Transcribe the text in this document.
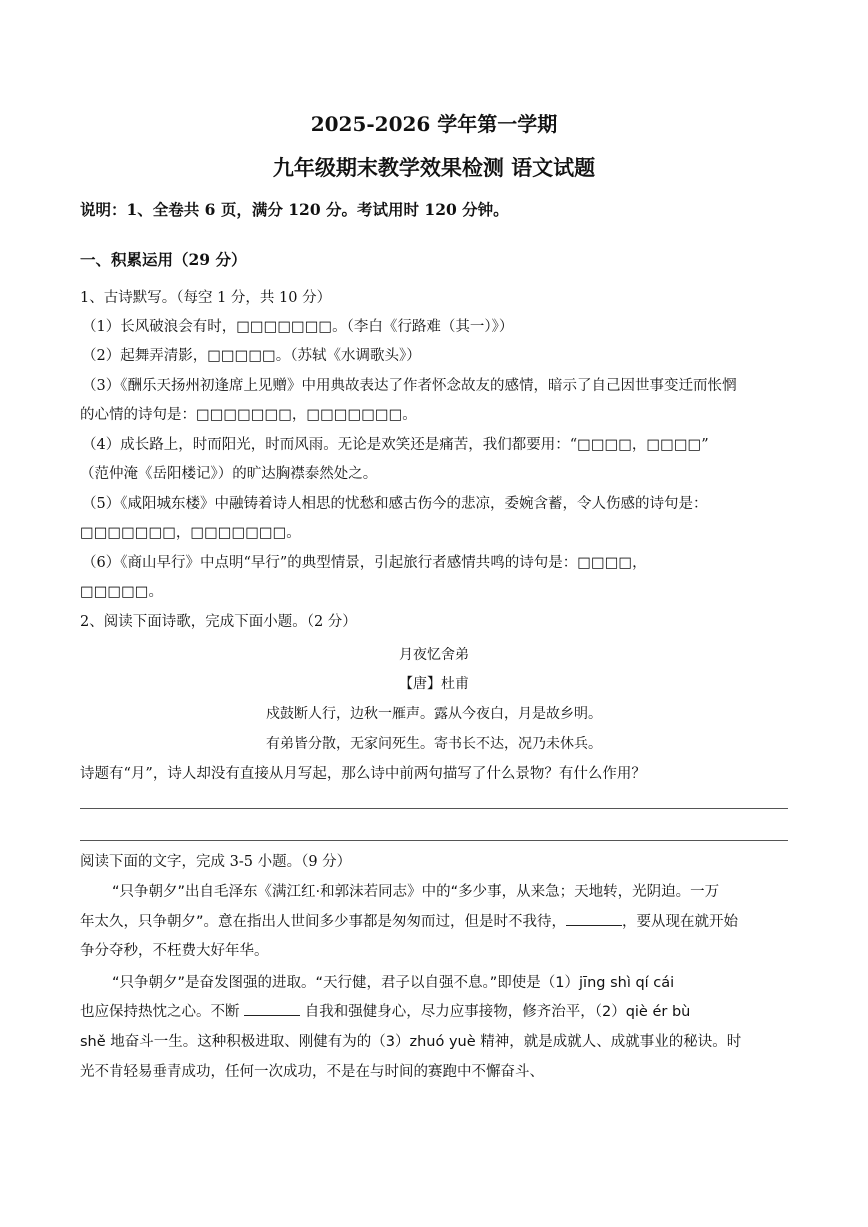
2025-2026 学年第一学期
九年级期末教学效果检测 语文试题
说明：1、全卷共 6 页，满分 120 分。考试用时 120 分钟。
一、积累运用（29 分）
1、古诗默写。（每空 1 分，共 10 分）
（1）长风破浪会有时，□□□□□□□。（李白《行路难（其一）》）
（2）起舞弄清影，□□□□□。（苏轼《水调歌头》）
（3）《酬乐天扬州初逢席上见赠》中用典故表达了作者怀念故友的感情，暗示了自己因世事变迁而怅惘
的心情的诗句是：□□□□□□□，□□□□□□□。
（4）成长路上，时而阳光，时而风雨。无论是欢笑还是痛苦，我们都要用：“□□□□，□□□□”
（范仲淹《岳阳楼记》）的旷达胸襟泰然处之。
（5）《咸阳城东楼》中融铸着诗人相思的忧愁和感古伤今的悲凉，委婉含蓄，令人伤感的诗句是：
□□□□□□□，□□□□□□□。
（6）《商山早行》中点明“早行”的典型情景，引起旅行者感情共鸣的诗句是：□□□□，
□□□□□。
2、阅读下面诗歌，完成下面小题。（2 分）
月夜忆舍弟
【唐】杜甫
戍鼓断人行，边秋一雁声。露从今夜白，月是故乡明。
有弟皆分散，无家问死生。寄书长不达，况乃未休兵。
诗题有“月”，诗人却没有直接从月写起，那么诗中前两句描写了什么景物？有什么作用？
阅读下面的文字，完成 3-5 小题。（9 分）
“只争朝夕”出自毛泽东《满江红·和郭沫若同志》中的“多少事，从来急；天地转，光阴迫。一万
年太久，只争朝夕”。意在指出人世间多少事都是匆匆而过，但是时不我待，	，要从现在就开始
争分夺秒，不枉费大好年华。
“只争朝夕”是奋发图强的进取。“天行健，君子以自强不息。”即使是（1）jīng shì qí cái
也应保持热忱之心。不断	自我和强健身心，尽力应事接物，修齐治平，（2）qiè ér bù
shě 地奋斗一生。这种积极进取、刚健有为的（3）zhuó yuè 精神，就是成就人、成就事业的秘诀。时
光不肯轻易垂青成功，任何一次成功，不是在与时间的赛跑中不懈奋斗、
